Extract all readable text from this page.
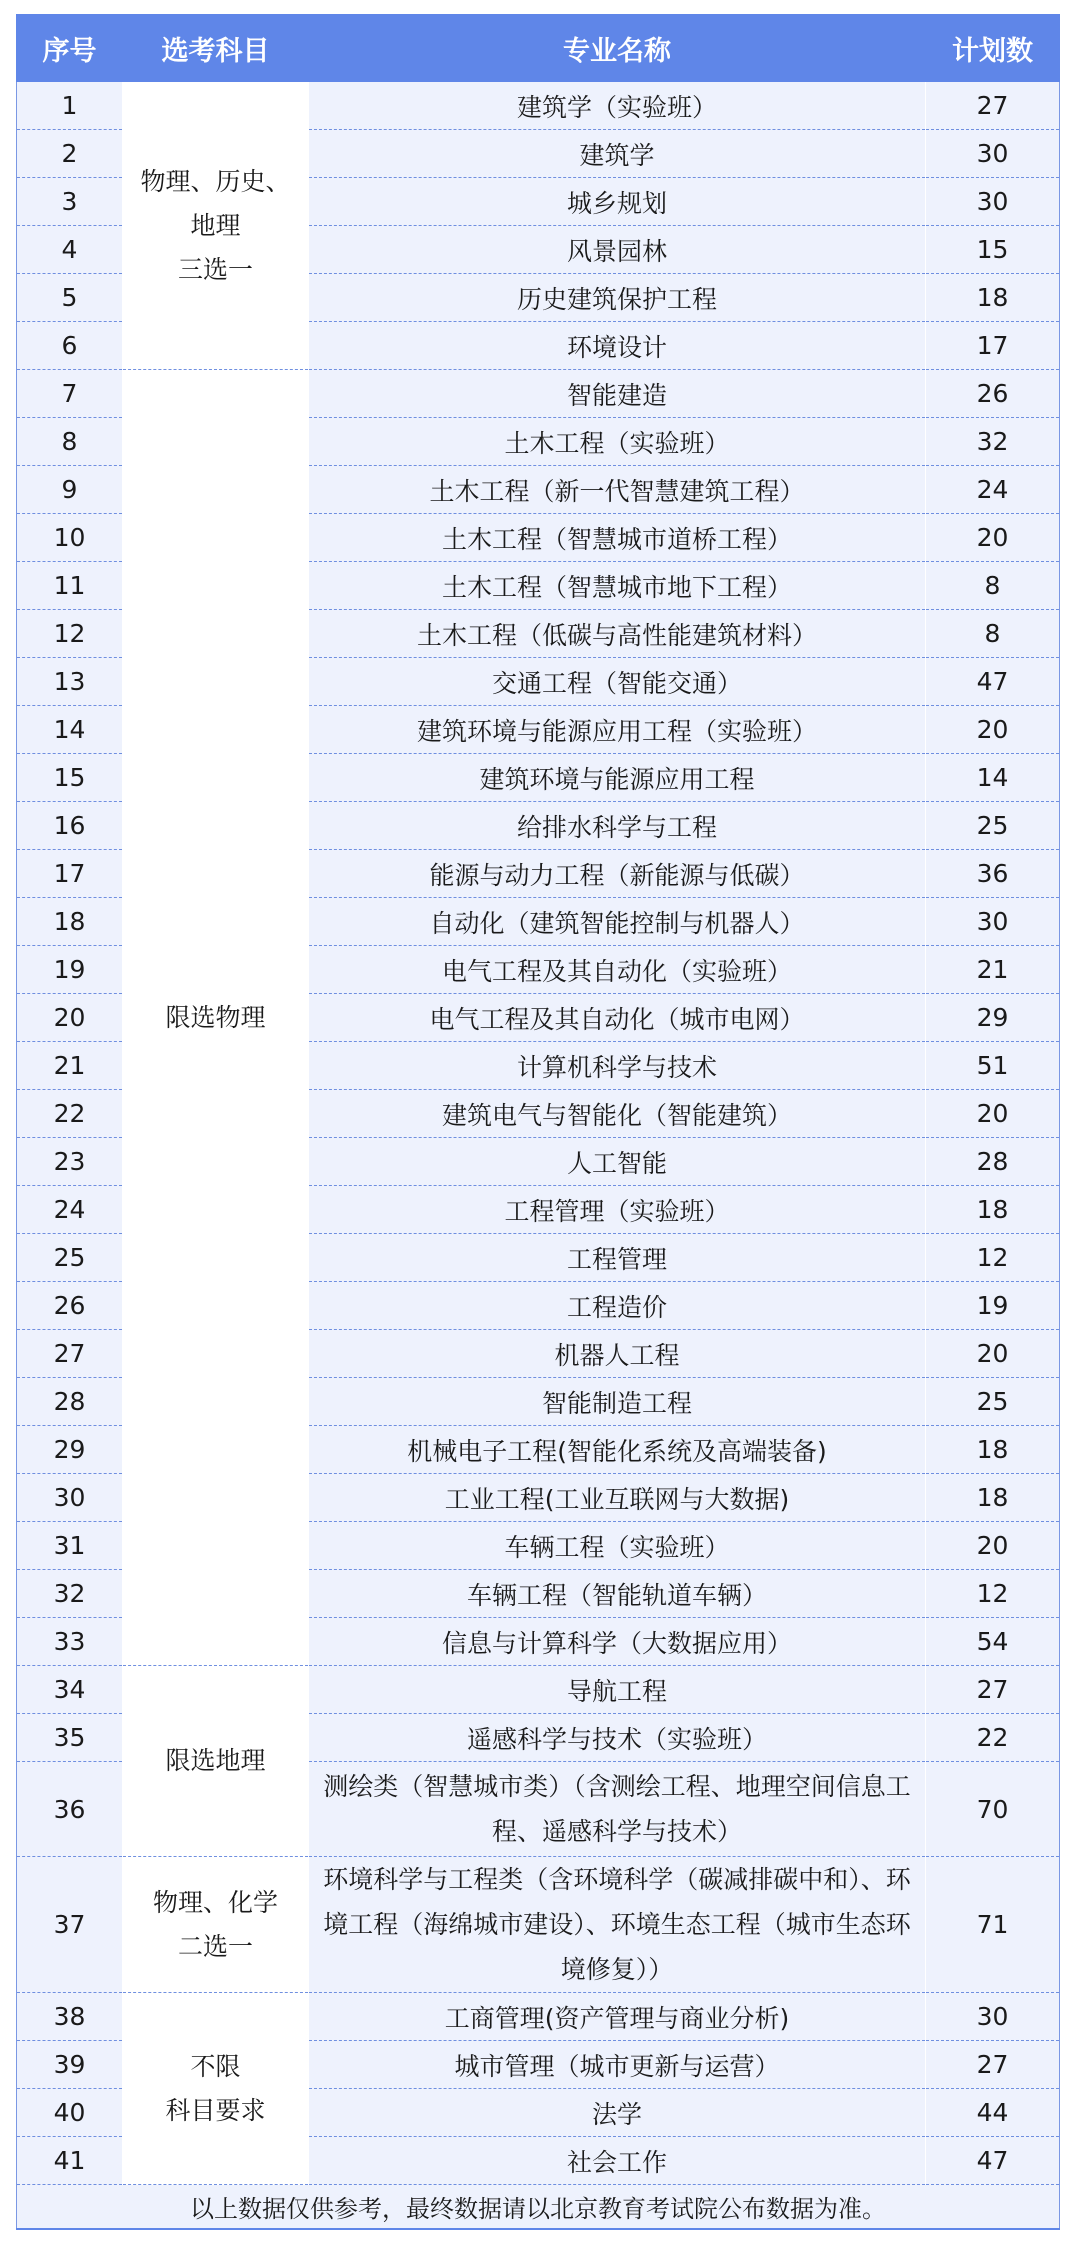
序号	选考科目	专业名称	计划数
1	物理、历史、
地理
三选一	建筑学（实验班）	27
2		建筑学	30
3		城乡规划	30
4		风景园林	15
5		历史建筑保护工程	18
6		环境设计	17
7	限选物理	智能建造	26
8		土木工程（实验班）	32
9		土木工程（新一代智慧建筑工程）	24
10		土木工程（智慧城市道桥工程）	20
11		土木工程（智慧城市地下工程）	8
12		土木工程（低碳与高性能建筑材料）	8
13		交通工程（智能交通）	47
14		建筑环境与能源应用工程（实验班）	20
15		建筑环境与能源应用工程	14
16		给排水科学与工程	25
17		能源与动力工程（新能源与低碳）	36
18		自动化（建筑智能控制与机器人）	30
19		电气工程及其自动化（实验班）	21
20		电气工程及其自动化（城市电网）	29
21		计算机科学与技术	51
22		建筑电气与智能化（智能建筑）	20
23		人工智能	28
24		工程管理（实验班）	18
25		工程管理	12
26		工程造价	19
27		机器人工程	20
28		智能制造工程	25
29		机械电子工程(智能化系统及高端装备)	18
30		工业工程(工业互联网与大数据)	18
31		车辆工程（实验班）	20
32		车辆工程（智能轨道车辆）	12
33		信息与计算科学（大数据应用）	54
34	限选地理	导航工程	27
35		遥感科学与技术（实验班）	22
36		测绘类（智慧城市类）（含测绘工程、地理空间信息工程、遥感科学与技术）	70
37	物理、化学
二选一	环境科学与工程类（含环境科学（碳减排碳中和）、环境工程（海绵城市建设）、环境生态工程（城市生态环境修复））	71
38	不限
科目要求	工商管理(资产管理与商业分析)	30
39		城市管理（城市更新与运营）	27
40		法学	44
41		社会工作	47
以上数据仅供参考，最终数据请以北京教育考试院公布数据为准。			
